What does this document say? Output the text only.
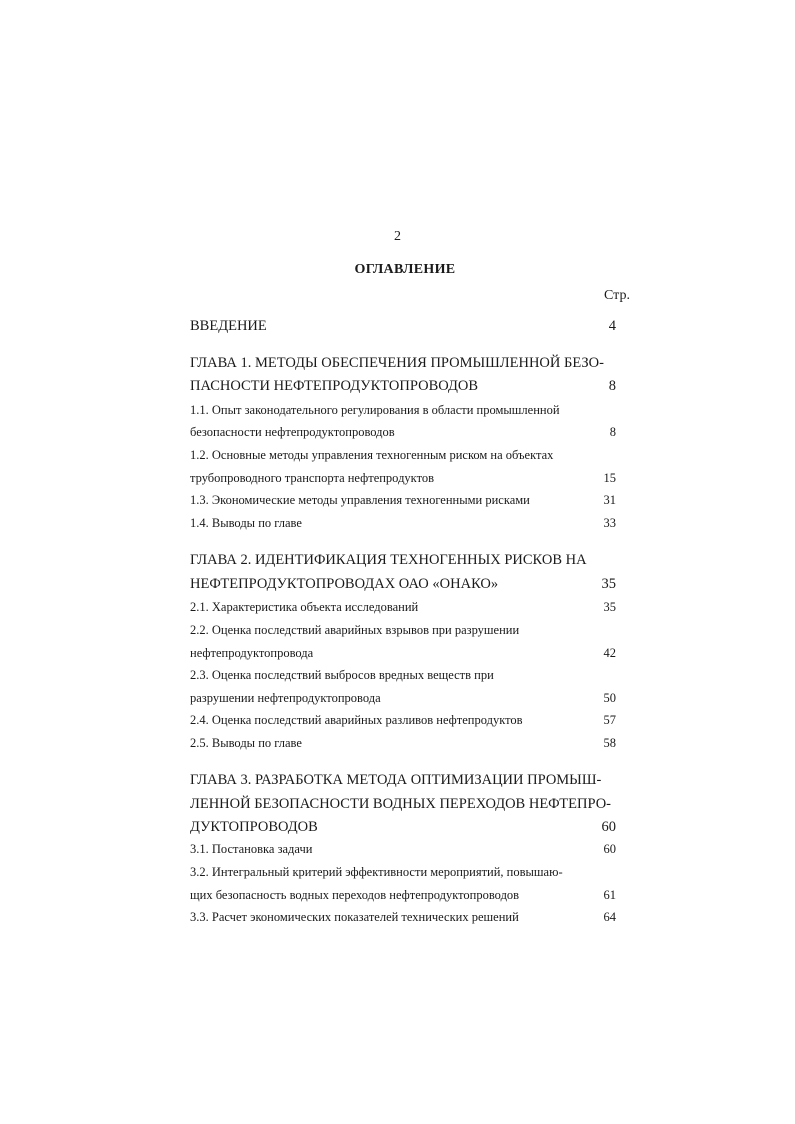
2
ОГЛАВЛЕНИЕ
Стр.
ВВЕДЕНИЕ	4
ГЛАВА 1. МЕТОДЫ ОБЕСПЕЧЕНИЯ ПРОМЫШЛЕННОЙ БЕЗО-
ПАСНОСТИ НЕФТЕПРОДУКТОПРОВОДОВ	8
1.1. Опыт законодательного регулирования в области промышленной
безопасности нефтепродуктопроводов	8
1.2. Основные методы управления техногенным риском на объектах
трубопроводного транспорта нефтепродуктов	15
1.3. Экономические методы управления техногенными рисками	31
1.4. Выводы по главе	33
ГЛАВА 2. ИДЕНТИФИКАЦИЯ ТЕХНОГЕННЫХ РИСКОВ НА
НЕФТЕПРОДУКТОПРОВОДАХ ОАО «ОНАКО»	35
2.1. Характеристика объекта исследований	35
2.2. Оценка последствий аварийных взрывов при разрушении
нефтепродуктопровода	42
2.3. Оценка последствий выбросов вредных веществ при
разрушении нефтепродуктопровода	50
2.4. Оценка последствий аварийных разливов нефтепродуктов	57
2.5. Выводы по главе	58
ГЛАВА 3. РАЗРАБОТКА МЕТОДА ОПТИМИЗАЦИИ ПРОМЫШ-
ЛЕННОЙ БЕЗОПАСНОСТИ ВОДНЫХ ПЕРЕХОДОВ НЕФТЕПРО-
ДУКТОПРОВОДОВ	60
3.1. Постановка задачи	60
3.2. Интегральный критерий эффективности мероприятий, повышаю-
щих безопасность водных переходов нефтепродуктопроводов	61
3.3. Расчет экономических показателей технических решений	64
